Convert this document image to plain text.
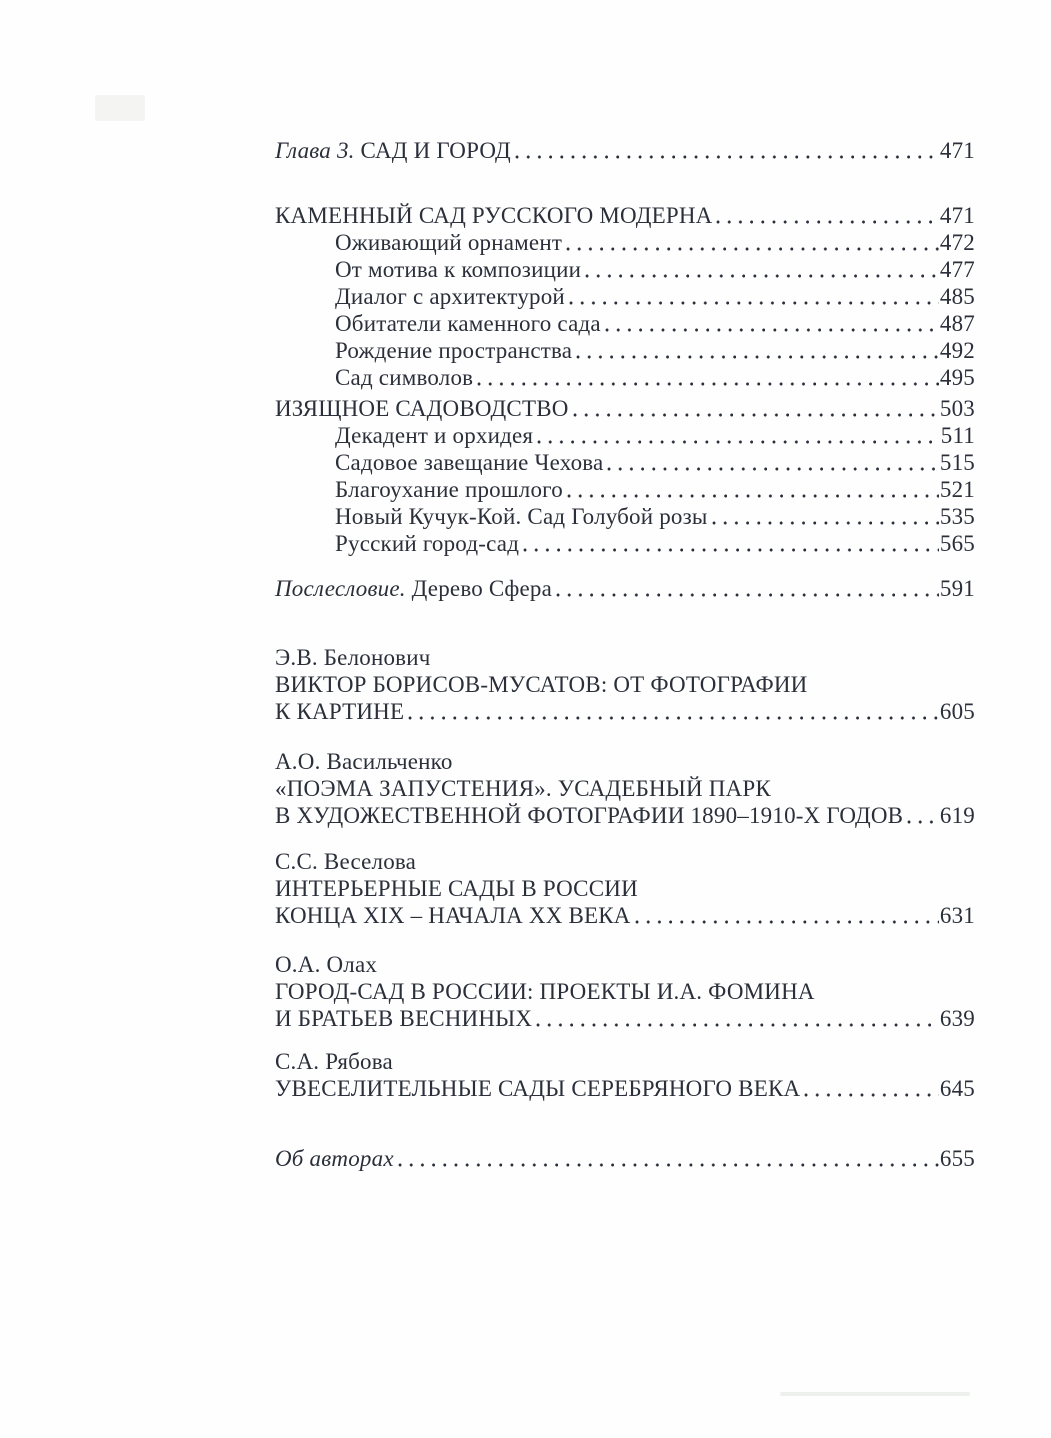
Глава 3. САД И ГОРОД	471
КАМЕННЫЙ САД РУССКОГО МОДЕРНА	471
Оживающий орнамент	472
От мотива к композиции	477
Диалог с архитектурой	485
Обитатели каменного сада	487
Рождение пространства	492
Сад символов	495
ИЗЯЩНОЕ САДОВОДСТВО	503
Декадент и орхидея	511
Садовое завещание Чехова	515
Благоухание прошлого	521
Новый Кучук-Кой. Сад Голубой розы	535
Русский город-сад	565
Послесловие. Дерево Сфера	591
Э.В. Белонович
ВИКТОР БОРИСОВ-МУСАТОВ: ОТ ФОТОГРАФИИ
К КАРТИНЕ	605
А.О. Васильченко
«ПОЭМА ЗАПУСТЕНИЯ». УСАДЕБНЫЙ ПАРК
В ХУДОЖЕСТВЕННОЙ ФОТОГРАФИИ 1890–1910-Х ГОДОВ 619
С.С. Веселова
ИНТЕРЬЕРНЫЕ САДЫ В РОССИИ
КОНЦА XIX – НАЧАЛА XX ВЕКА	631
О.А. Олах
ГОРОД-САД В РОССИИ: ПРОЕКТЫ И.А. ФОМИНА
И БРАТЬЕВ ВЕСНИНЫХ	639
С.А. Рябова
УВЕСЕЛИТЕЛЬНЫЕ САДЫ СЕРЕБРЯНОГО ВЕКА	645
Об авторах	655
